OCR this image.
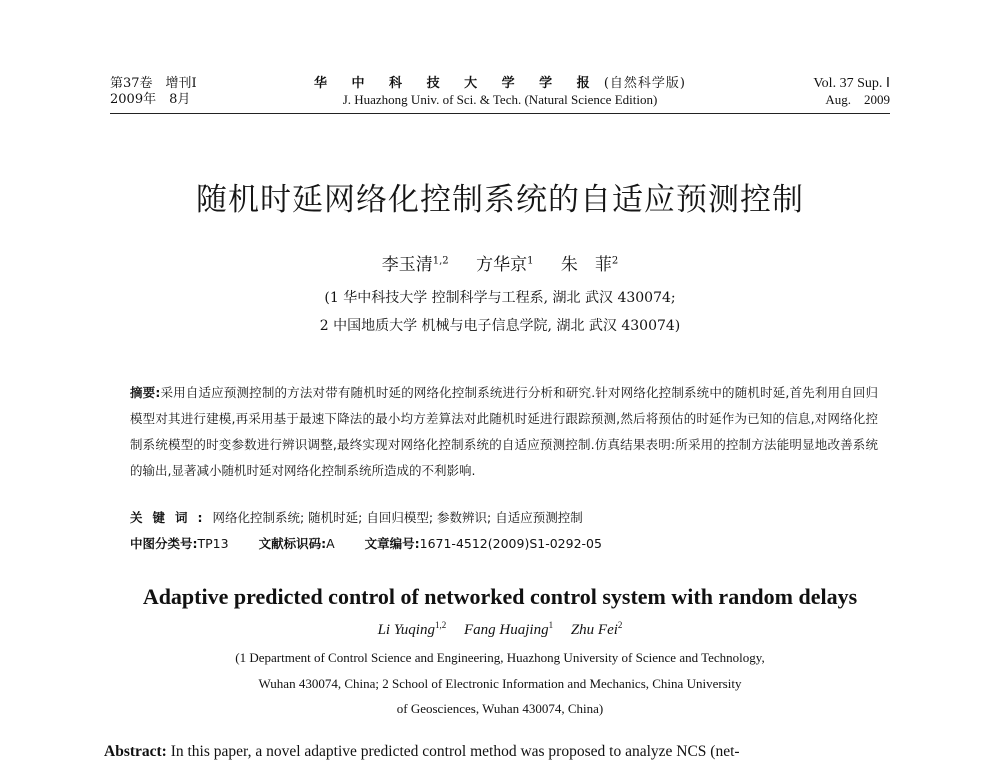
第37卷　增刊Ⅰ	华 中 科 技 大 学 学 报 (自然科学版)	Vol. 37 Sup. Ⅰ
2009年　8月	J. Huazhong Univ. of Sci. & Tech. (Natural Science Edition)	Aug.　2009
随机时延网络化控制系统的自适应预测控制
李玉清$^{1,2}$ 方华京$^1$ 朱　菲$^2$
(1 华中科技大学 控制科学与工程系, 湖北 武汉 430074;
2 中国地质大学 机械与电子信息学院, 湖北 武汉 430074)
摘要:采用自适应预测控制的方法对带有随机时延的网络化控制系统进行分析和研究.针对网络化控制系统中的随机时延,首先利用自回归模型对其进行建模,再采用基于最速下降法的最小均方差算法对此随机时延进行跟踪预测,然后将预估的时延作为已知的信息,对网络化控制系统模型的时变参数进行辨识调整,最终实现对网络化控制系统的自适应预测控制.仿真结果表明:所采用的控制方法能明显地改善系统的输出,显著减小随机时延对网络化控制系统所造成的不利影响.
关键词:网络化控制系统; 随机时延; 自回归模型; 参数辨识; 自适应预测控制
中图分类号:TP13 文献标识码:A 文章编号:1671-4512(2009)S1-0292-05
Adaptive predicted control of networked control system with random delays
Li Yuqing$^{1,2}$ Fang Huajing$^1$ Zhu Fei$^2$
(1 Department of Control Science and Engineering, Huazhong University of Science and Technology,
Wuhan 430074, China; 2 School of Electronic Information and Mechanics, China University
of Geosciences, Wuhan 430074, China)
Abstract: In this paper, a novel adaptive predicted control method was proposed to analyze NCS (net-
